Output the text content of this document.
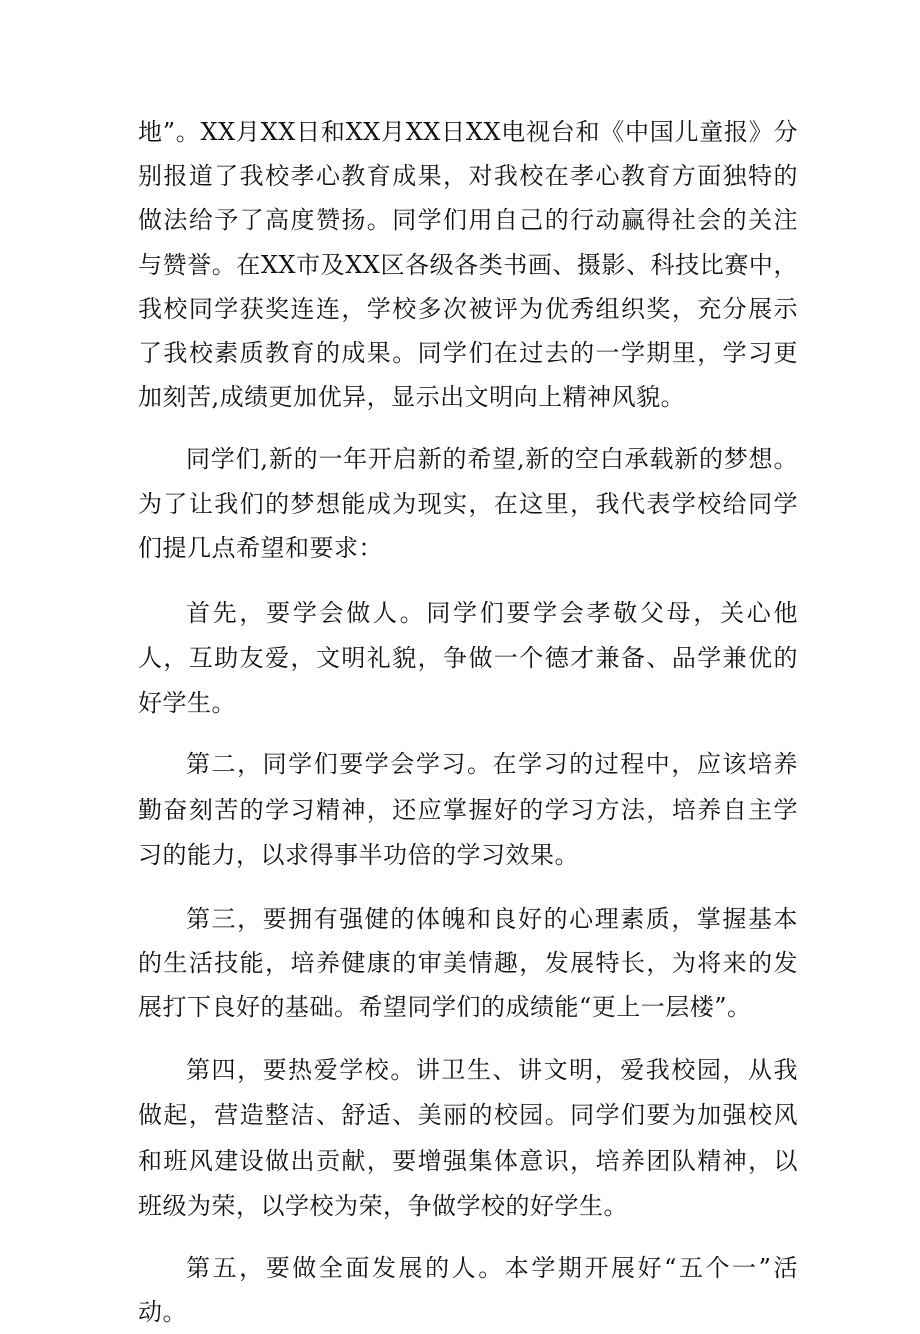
地”。XX月XX日和XX月XX日XX电视台和《中国儿童报》分别报道了我校孝心教育成果，对我校在孝心教育方面独特的做法给予了高度赞扬。同学们用自己的行动赢得社会的关注与赞誉。在XX市及XX区各级各类书画、摄影、科技比赛中，我校同学获奖连连，学校多次被评为优秀组织奖，充分展示了我校素质教育的成果。同学们在过去的一学期里，学习更加刻苦,成绩更加优异，显示出文明向上精神风貌。

同学们,新的一年开启新的希望,新的空白承载新的梦想。为了让我们的梦想能成为现实，在这里，我代表学校给同学们提几点希望和要求：

首先，要学会做人。同学们要学会孝敬父母，关心他人，互助友爱，文明礼貌，争做一个德才兼备、品学兼优的好学生。

第二，同学们要学会学习。在学习的过程中，应该培养勤奋刻苦的学习精神，还应掌握好的学习方法，培养自主学习的能力，以求得事半功倍的学习效果。

第三，要拥有强健的体魄和良好的心理素质，掌握基本的生活技能，培养健康的审美情趣，发展特长，为将来的发展打下良好的基础。希望同学们的成绩能“更上一层楼”。

第四，要热爱学校。讲卫生、讲文明，爱我校园，从我做起，营造整洁、舒适、美丽的校园。同学们要为加强校风和班风建设做出贡献，要增强集体意识，培养团队精神，以班级为荣，以学校为荣，争做学校的好学生。

第五，要做全面发展的人。本学期开展好“五个一”活动。
